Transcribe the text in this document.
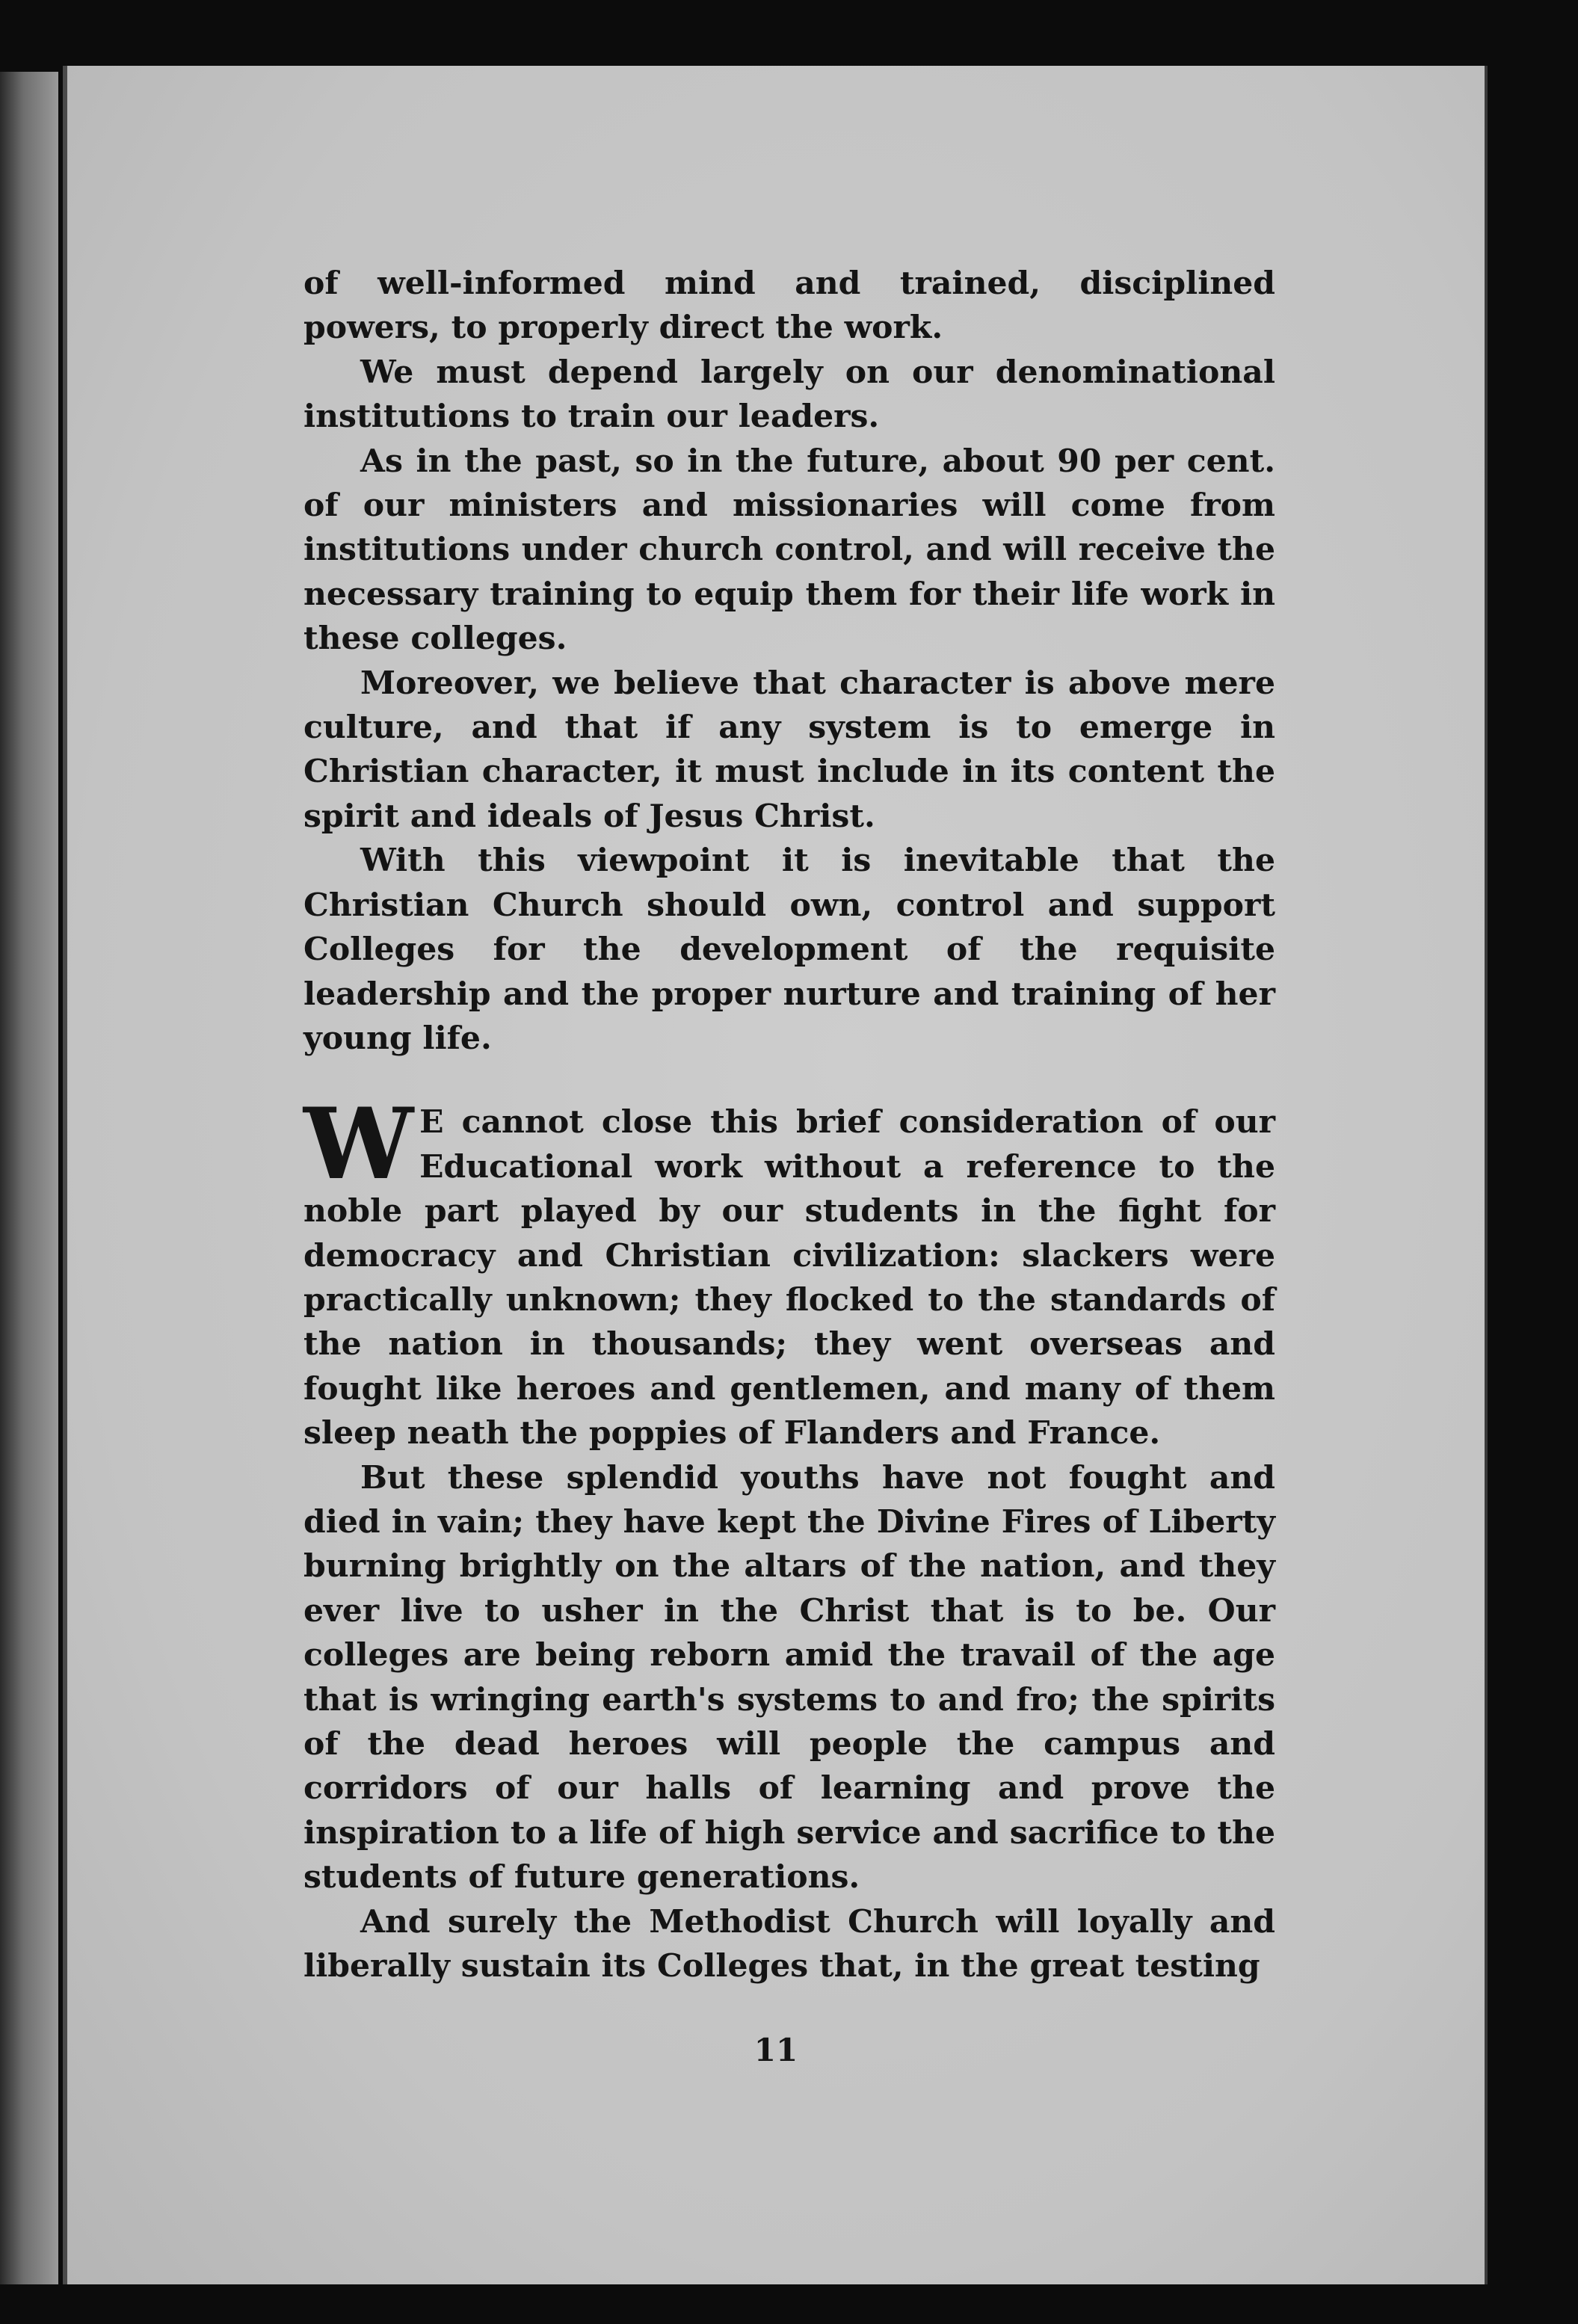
of well-informed mind and trained, disciplined powers, to properly direct the work.

We must depend largely on our denominational institutions to train our leaders.

As in the past, so in the future, about 90 per cent. of our ministers and missionaries will come from institutions under church control, and will receive the necessary training to equip them for their life work in these colleges.

Moreover, we believe that character is above mere culture, and that if any system is to emerge in Christian character, it must include in its content the spirit and ideals of Jesus Christ.

With this viewpoint it is inevitable that the Christian Church should own, control and support Colleges for the development of the requisite leadership and the proper nurture and training of her young life.

W E cannot close this brief consideration of our Educational work without a reference to the noble part played by our students in the fight for democracy and Christian civilization: slackers were practically unknown; they flocked to the standards of the nation in thousands; they went overseas and fought like heroes and gentlemen, and many of them sleep neath the poppies of Flanders and France.

But these splendid youths have not fought and died in vain; they have kept the Divine Fires of Liberty burning brightly on the altars of the nation, and they ever live to usher in the Christ that is to be. Our colleges are being reborn amid the travail of the age that is wringing earth's systems to and fro; the spirits of the dead heroes will people the campus and corridors of our halls of learning and prove the inspiration to a life of high service and sacrifice to the students of future generations.

And surely the Methodist Church will loyally and liberally sustain its Colleges that, in the great testing

11
